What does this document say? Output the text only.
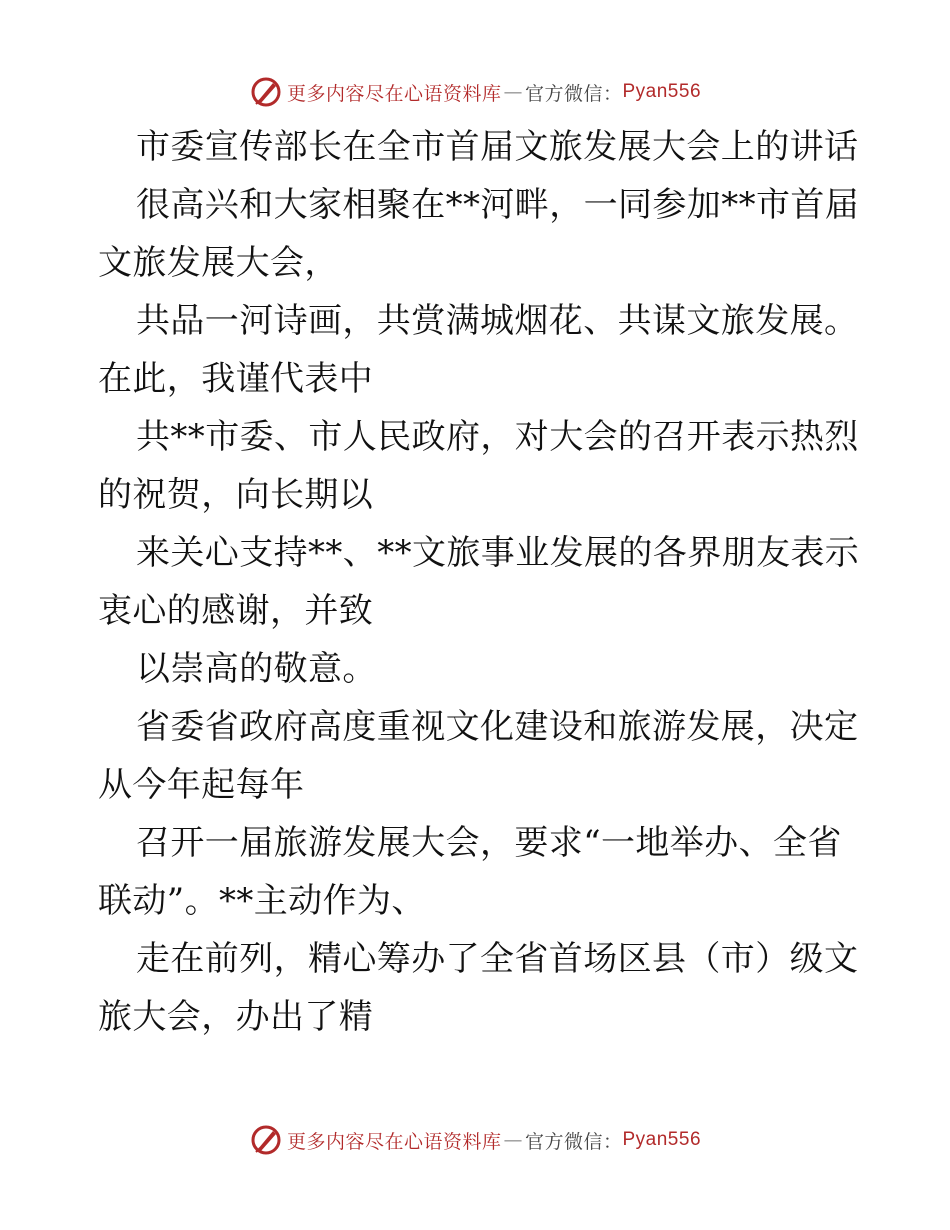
更多内容尽在心语资料库 — 官方微信： Pyan556
市委宣传部长在全市首届文旅发展大会上的讲话
很高兴和大家相聚在**河畔，一同参加**市首届
文旅发展大会，
共品一河诗画，共赏满城烟花、共谋文旅发展。
在此，我谨代表中
共**市委、市人民政府，对大会的召开表示热烈
的祝贺，向长期以
来关心支持**、**文旅事业发展的各界朋友表示
衷心的感谢，并致
以崇高的敬意。
省委省政府高度重视文化建设和旅游发展，决定
从今年起每年
召开一届旅游发展大会，要求“一地举办、全省
联动”。**主动作为、
走在前列，精心筹办了全省首场区县（市）级文
旅大会，办出了精
更多内容尽在心语资料库 — 官方微信： Pyan556
